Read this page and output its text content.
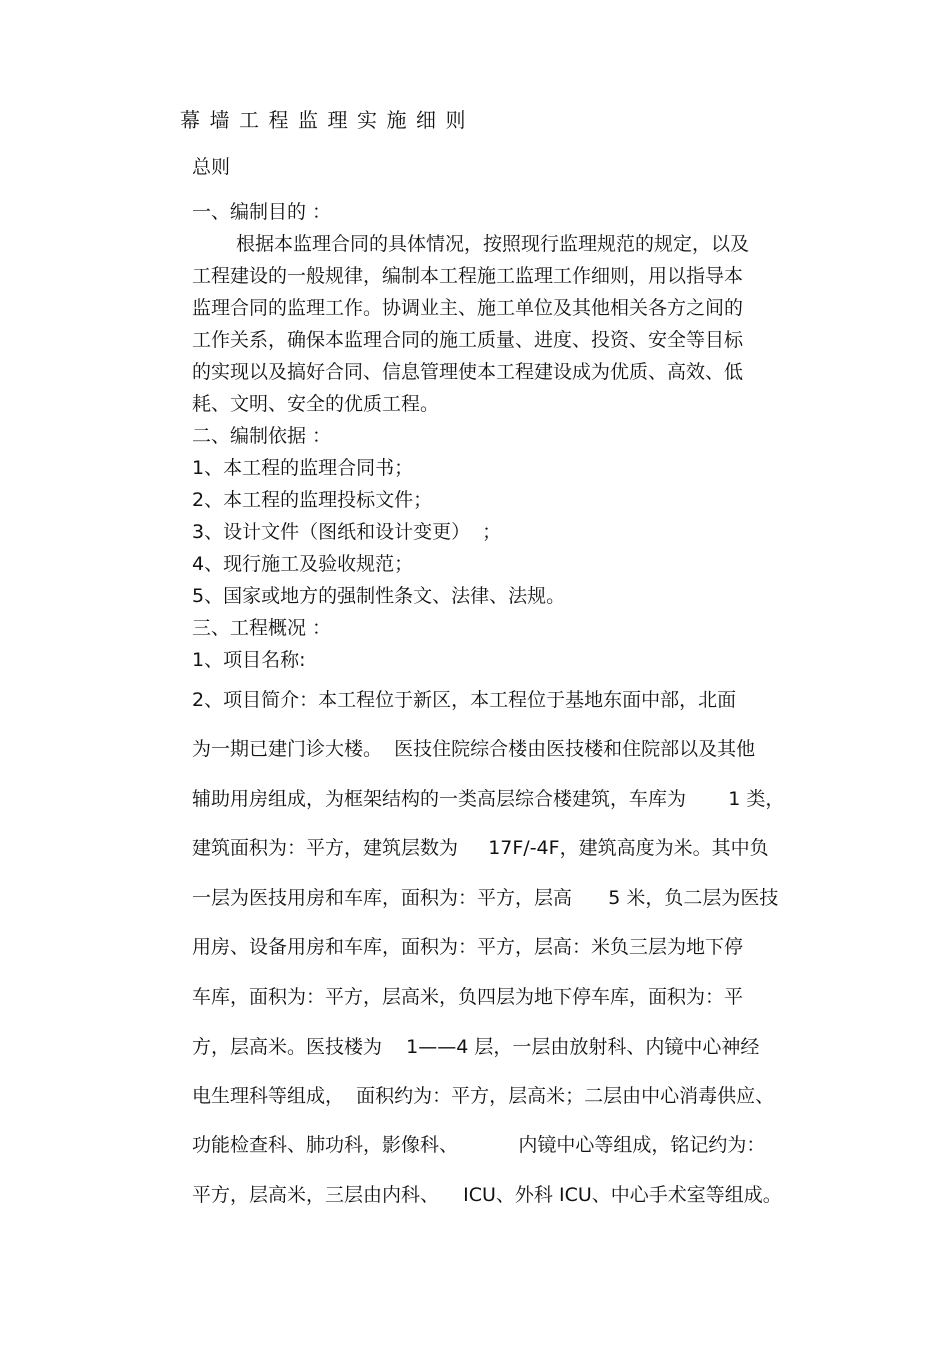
幕墙工程监理实施细则
总则
一、编制目的 ：
根据本监理合同的具体情况，按照现行监理规范的规定，以及
工程建设的一般规律，编制本工程施工监理工作细则，用以指导本
监理合同的监理工作。协调业主、施工单位及其他相关各方之间的
工作关系，确保本监理合同的施工质量、进度、投资、安全等目标
的实现以及搞好合同、信息管理使本工程建设成为优质、高效、低
耗、文明、安全的优质工程。
二、编制依据 ：
1、本工程的监理合同书；
2、本工程的监理投标文件；
3、设计文件（图纸和设计变更）  ；
4、现行施工及验收规范；
5、国家或地方的强制性条文、法律、法规。
三、工程概况 ：
1、项目名称:
2、项目简介：本工程位于新区，本工程位于基地东面中部，北面
为一期已建门诊大楼。  医技住院综合楼由医技楼和住院部以及其他
辅助用房组成，为框架结构的一类高层综合楼建筑，车库为       1 类，
建筑面积为：平方，建筑层数为     17F/-4F，建筑高度为米。其中负
一层为医技用房和车库，面积为：平方，层高      5 米，负二层为医技
用房、设备用房和车库，面积为：平方，层高：米负三层为地下停
车库，面积为：平方，层高米，负四层为地下停车库，面积为：平
方，层高米。医技楼为    1——4 层，一层由放射科、内镜中心神经
电生理科等组成，  面积约为：平方，层高米；二层由中心消毒供应、
功能检查科、肺功科，影像科、          内镜中心等组成，铭记约为：
平方，层高米，三层由内科、    ICU、外科 ICU、中心手术室等组成。
